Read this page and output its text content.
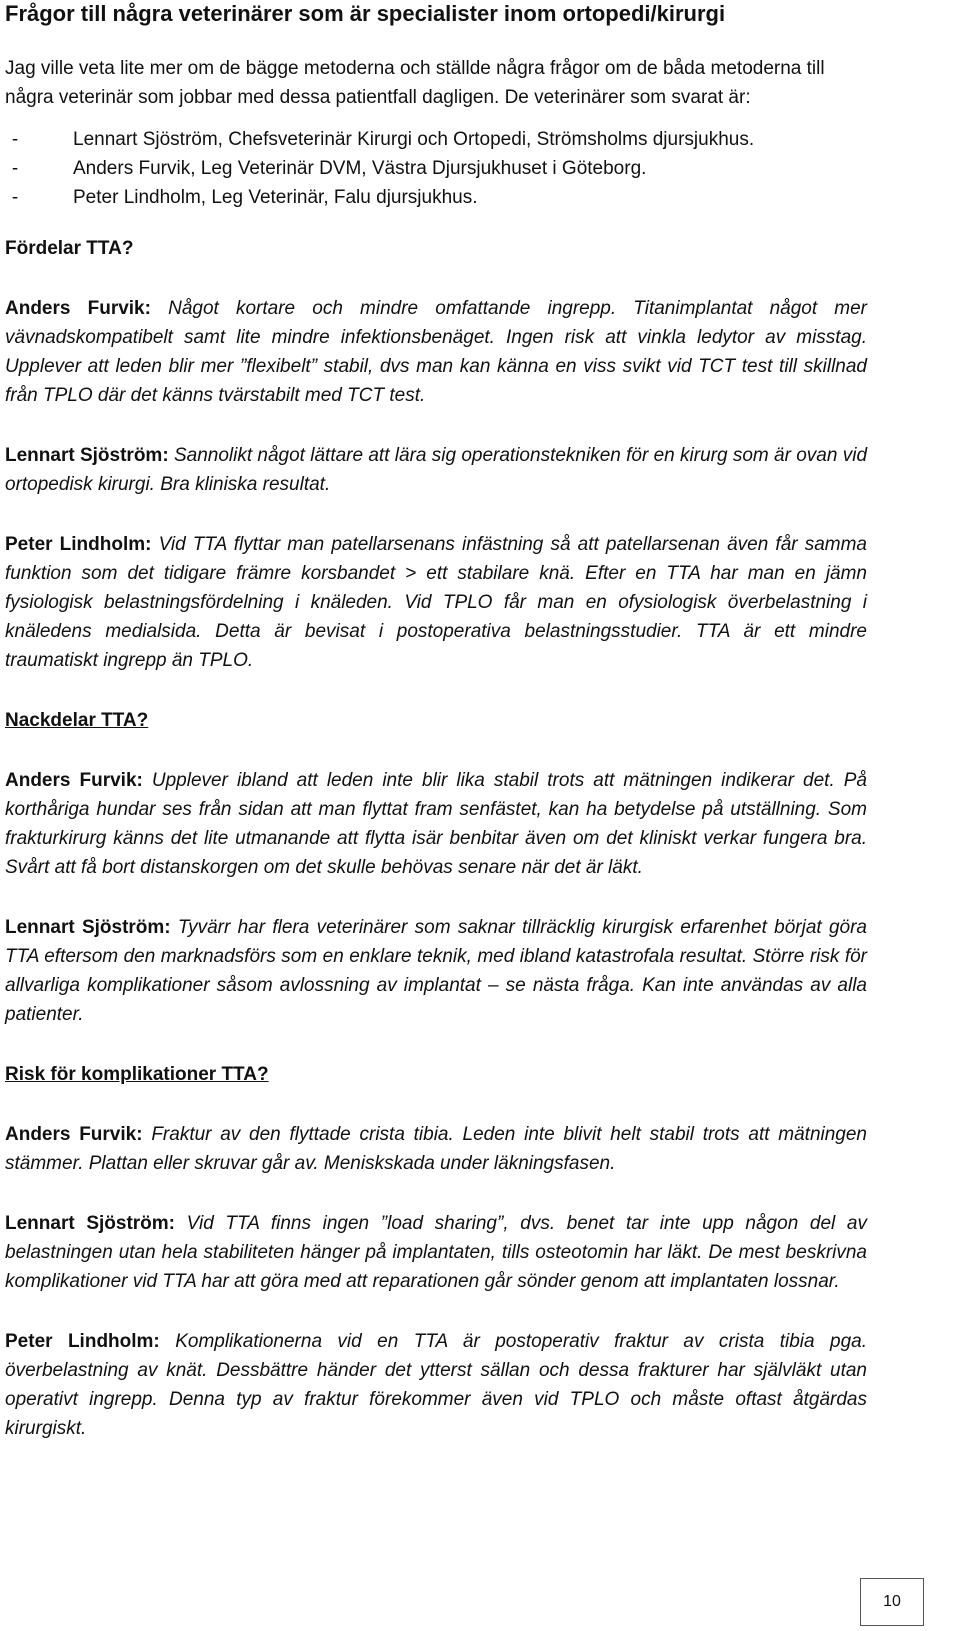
Frågor till några veterinärer som är specialister inom ortopedi/kirurgi

Jag ville veta lite mer om de bägge metoderna och ställde några frågor om de båda metoderna till några veterinär som jobbar med dessa patientfall dagligen. De veterinärer som svarat är:

-	Lennart Sjöström, Chefsveterinär Kirurgi och Ortopedi, Strömsholms djursjukhus.
-	Anders Furvik, Leg Veterinär DVM, Västra Djursjukhuset i Göteborg.
-	Peter Lindholm, Leg Veterinär, Falu djursjukhus.
Fördelar TTA?

Anders Furvik: Något kortare och mindre omfattande ingrepp. Titanimplantat något mer vävnadskompatibelt samt lite mindre infektionsbenäget. Ingen risk att vinkla ledytor av misstag. Upplever att leden blir mer ”flexibelt” stabil, dvs man kan känna en viss svikt vid TCT test till skillnad från TPLO där det känns tvärstabilt med TCT test.

Lennart Sjöström: Sannolikt något lättare att lära sig operationstekniken för en kirurg som är ovan vid ortopedisk kirurgi. Bra kliniska resultat.

Peter Lindholm: Vid TTA flyttar man patellarsenans infästning så att patellarsenan även får samma funktion som det tidigare främre korsbandet > ett stabilare knä. Efter en TTA har man en jämn fysiologisk belastningsfördelning i knäleden. Vid TPLO får man en ofysiologisk överbelastning i knäledens medialsida. Detta är bevisat i postoperativa belastningsstudier. TTA är ett mindre traumatiskt ingrepp än TPLO.

Nackdelar TTA?

Anders Furvik: Upplever ibland att leden inte blir lika stabil trots att mätningen indikerar det. På korthåriga hundar ses från sidan att man flyttat fram senfästet, kan ha betydelse på utställning. Som frakturkirurg känns det lite utmanande att flytta isär benbitar även om det kliniskt verkar fungera bra. Svårt att få bort distanskorgen om det skulle behövas senare när det är läkt.

Lennart Sjöström: Tyvärr har flera veterinärer som saknar tillräcklig kirurgisk erfarenhet börjat göra TTA eftersom den marknadsförs som en enklare teknik, med ibland katastrofala resultat. Större risk för allvarliga komplikationer såsom avlossning av implantat – se nästa fråga. Kan inte användas av alla patienter.

Risk för komplikationer TTA?

Anders Furvik: Fraktur av den flyttade crista tibia. Leden inte blivit helt stabil trots att mätningen stämmer. Plattan eller skruvar går av. Meniskskada under läkningsfasen.

Lennart Sjöström: Vid TTA finns ingen ”load sharing”, dvs. benet tar inte upp någon del av belastningen utan hela stabiliteten hänger på implantaten, tills osteotomin har läkt. De mest beskrivna komplikationer vid TTA har att göra med att reparationen går sönder genom att implantaten lossnar.

Peter Lindholm: Komplikationerna vid en TTA är postoperativ fraktur av crista tibia pga. överbelastning av knät. Dessbättre händer det ytterst sällan och dessa frakturer har självläkt utan operativt ingrepp. Denna typ av fraktur förekommer även vid TPLO och måste oftast åtgärdas kirurgiskt.

10
